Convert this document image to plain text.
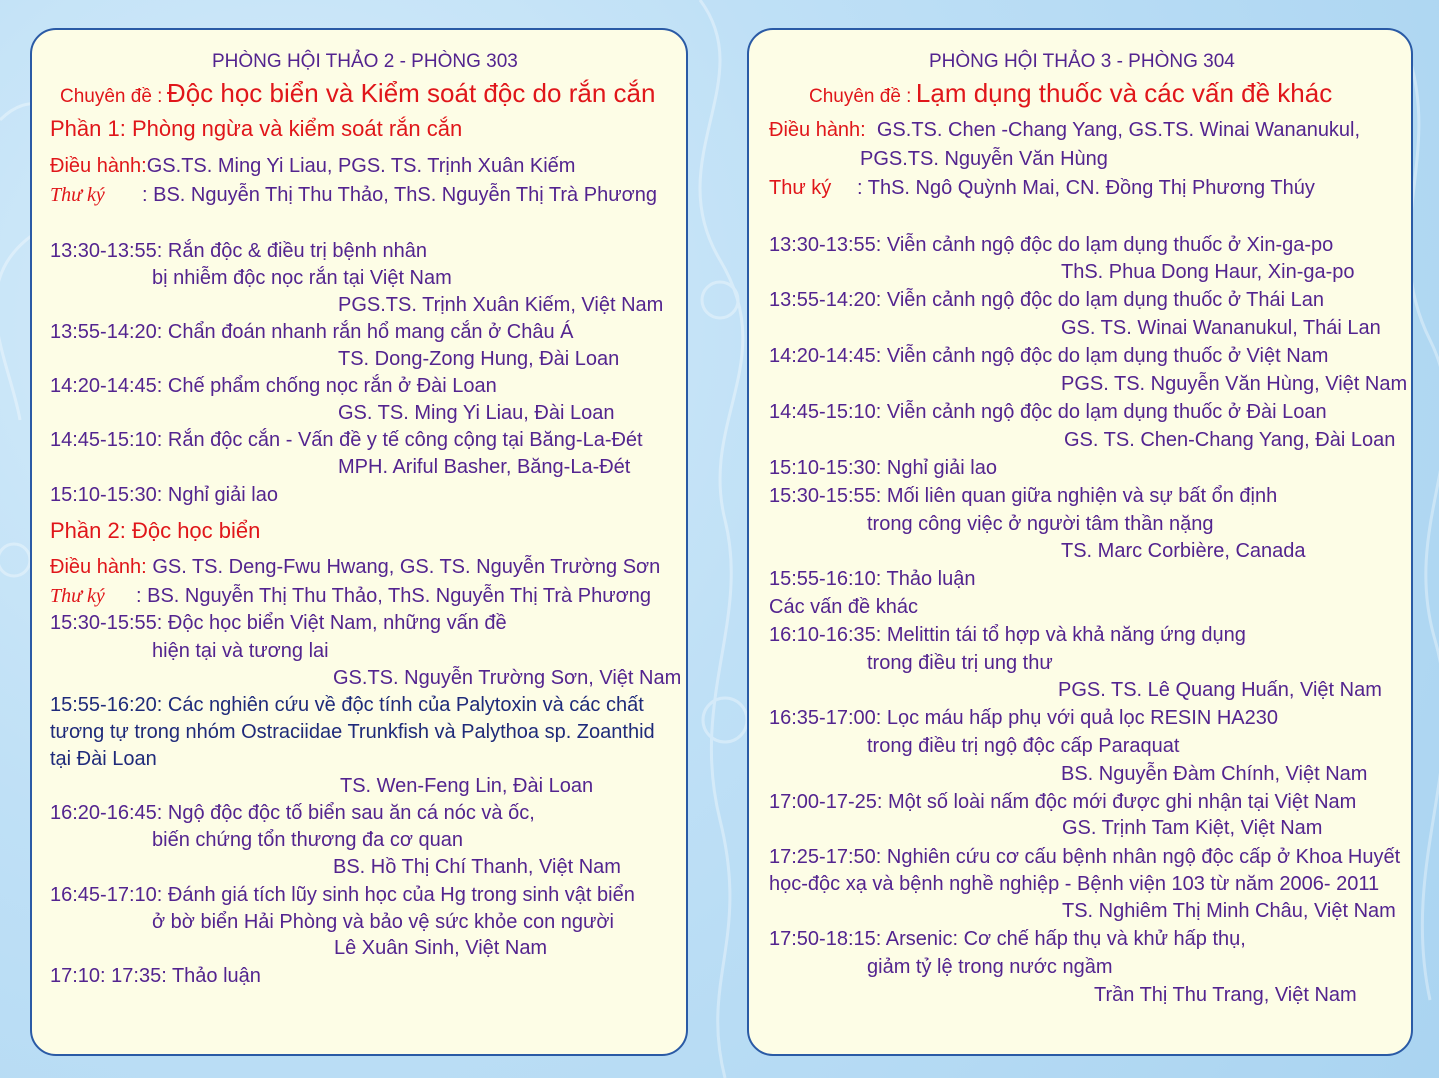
PHÒNG HỘI THẢO 2 - PHÒNG 303
Chuyên đề : Độc học biển và Kiểm soát độc do rắn cắn
Phần 1: Phòng ngừa và kiểm soát rắn cắn
Điều hành:GS.TS. Ming Yi Liau, PGS. TS. Trịnh Xuân Kiếm
Thư ký : BS. Nguyễn Thị Thu Thảo, ThS. Nguyễn Thị Trà Phương
13:30-13:55: Rắn độc & điều trị bệnh nhân
bị nhiễm độc nọc rắn tại Việt Nam
PGS.TS. Trịnh Xuân Kiếm, Việt Nam
13:55-14:20: Chẩn đoán nhanh rắn hổ mang cắn ở Châu Á
TS. Dong-Zong Hung, Đài Loan
14:20-14:45: Chế phẩm chống nọc rắn ở Đài Loan
GS. TS. Ming Yi Liau, Đài Loan
14:45-15:10: Rắn độc cắn - Vấn đề y tế công cộng tại Băng-La-Đét
MPH. Ariful Basher, Băng-La-Đét
15:10-15:30: Nghỉ giải lao
Phần 2: Độc học biển
Điều hành: GS. TS. Deng-Fwu Hwang, GS. TS. Nguyễn Trường Sơn
Thư ký : BS. Nguyễn Thị Thu Thảo, ThS. Nguyễn Thị Trà Phương
15:30-15:55: Độc học biển Việt Nam, những vấn đề
hiện tại và tương lai
GS.TS. Nguyễn Trường Sơn, Việt Nam
15:55-16:20: Các nghiên cứu về độc tính của Palytoxin và các chất
tương tự trong nhóm Ostraciidae Trunkfish và Palythoa sp. Zoanthid
tại Đài Loan
TS. Wen-Feng Lin, Đài Loan
16:20-16:45: Ngộ độc độc tố biển sau ăn cá nóc và ốc,
biến chứng tổn thương đa cơ quan
BS. Hồ Thị Chí Thanh, Việt Nam
16:45-17:10: Đánh giá tích lũy sinh học của Hg trong sinh vật biển
ở bờ biển Hải Phòng và bảo vệ sức khỏe con người
Lê Xuân Sinh, Việt Nam
17:10: 17:35: Thảo luận
PHÒNG HỘI THẢO 3 - PHÒNG 304
Chuyên đề : Lạm dụng thuốc và các vấn đề khác
Điều hành: GS.TS. Chen -Chang Yang, GS.TS. Winai Wananukul,
PGS.TS. Nguyễn Văn Hùng
Thư ký : ThS. Ngô Quỳnh Mai, CN. Đồng Thị Phương Thúy
13:30-13:55: Viễn cảnh ngộ độc do lạm dụng thuốc ở Xin-ga-po
ThS. Phua Dong Haur, Xin-ga-po
13:55-14:20: Viễn cảnh ngộ độc do lạm dụng thuốc ở Thái Lan
GS. TS. Winai Wananukul, Thái Lan
14:20-14:45: Viễn cảnh ngộ độc do lạm dụng thuốc ở Việt Nam
PGS. TS. Nguyễn Văn Hùng, Việt Nam
14:45-15:10: Viễn cảnh ngộ độc do lạm dụng thuốc ở Đài Loan
GS. TS. Chen-Chang Yang, Đài Loan
15:10-15:30: Nghỉ giải lao
15:30-15:55: Mối liên quan giữa nghiện và sự bất ổn định
trong công việc ở người tâm thần nặng
TS. Marc Corbière, Canada
15:55-16:10: Thảo luận
Các vấn đề khác
16:10-16:35: Melittin tái tổ hợp và khả năng ứng dụng
trong điều trị ung thư
PGS. TS. Lê Quang Huấn, Việt Nam
16:35-17:00: Lọc máu hấp phụ với quả lọc RESIN HA230
trong điều trị ngộ độc cấp Paraquat
BS. Nguyễn Đàm Chính, Việt Nam
17:00-17-25: Một số loài nấm độc mới được ghi nhận tại Việt Nam
GS. Trịnh Tam Kiệt, Việt Nam
17:25-17:50: Nghiên cứu cơ cấu bệnh nhân ngộ độc cấp ở Khoa Huyết
học-độc xạ và bệnh nghề nghiệp - Bệnh viện 103 từ năm 2006- 2011
TS. Nghiêm Thị Minh Châu, Việt Nam
17:50-18:15: Arsenic: Cơ chế hấp thụ và khử hấp thụ,
giảm tỷ lệ trong nước ngầm
Trần Thị Thu Trang, Việt Nam
